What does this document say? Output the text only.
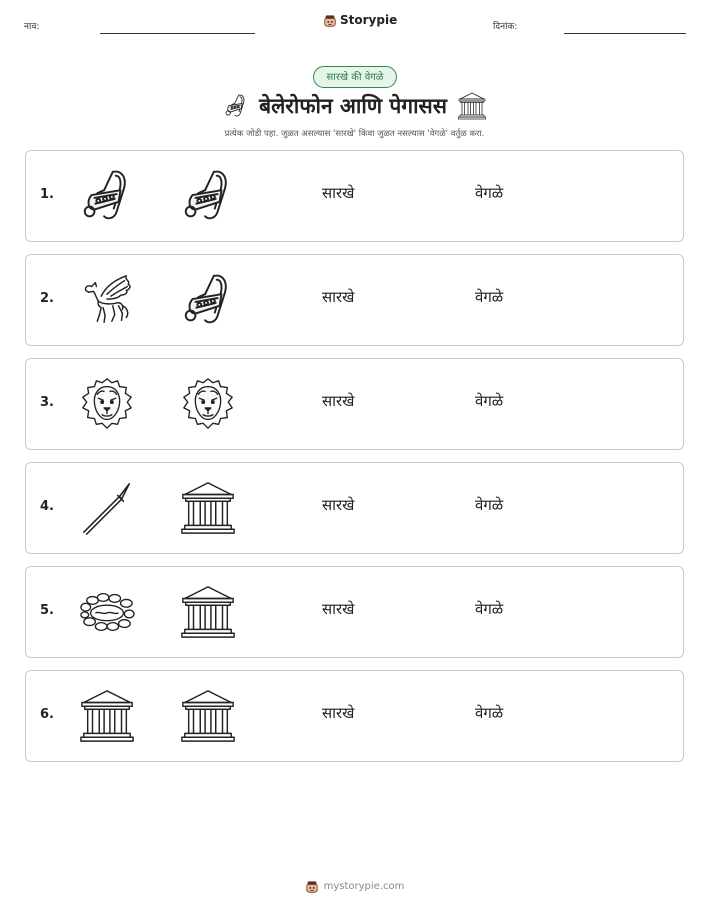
नाव:	Storypie	दिनांक:
सारखे की वेगळे
बेलेरोफोन आणि पेगासस
प्रत्येक जोडी पहा. जुळत असल्यास 'सारखे' किंवा जुळत नसल्यास 'वेगळे' वर्तुळ करा.
1.	सारखे	वेगळे
2.	सारखे	वेगळे
3.	सारखे	वेगळे
4.	सारखे	वेगळे
5.	सारखे	वेगळे
6.	सारखे	वेगळे
mystorypie.com
